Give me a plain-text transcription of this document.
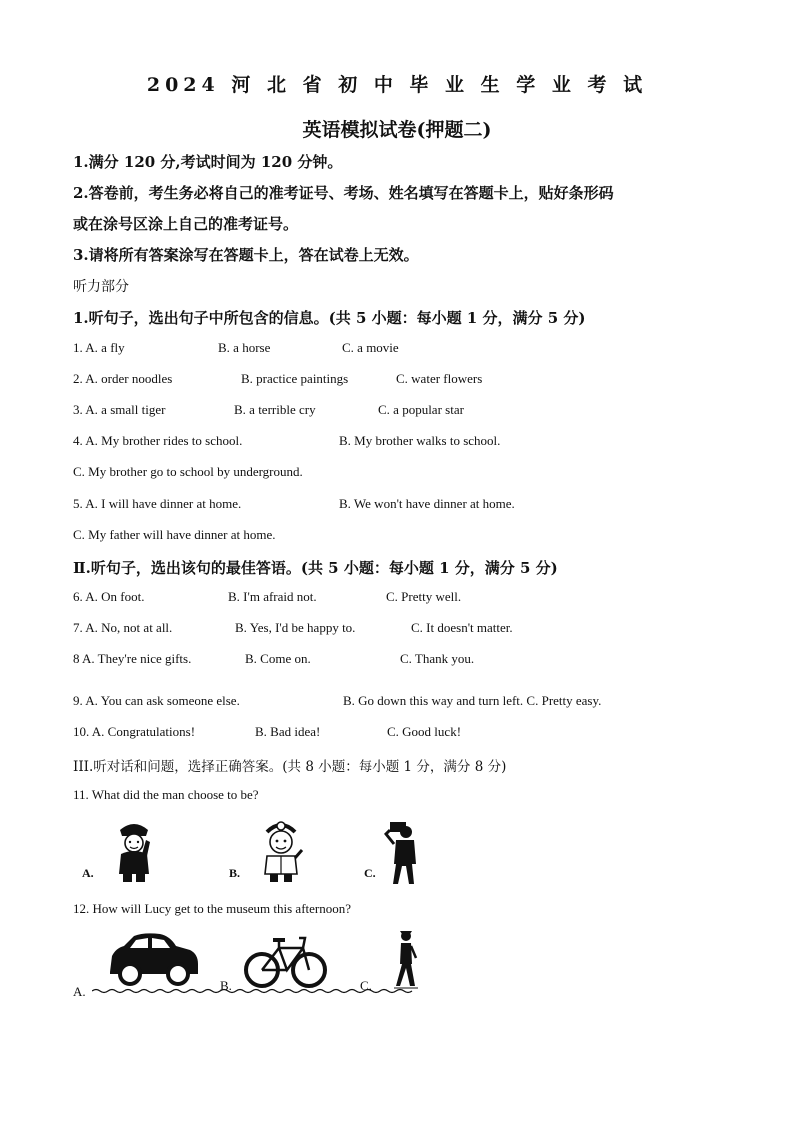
2024 河 北 省 初 中 毕 业 生 学 业 考 试
英语模拟试卷(押题二)
1.满分 120 分,考试时间为 120 分钟。
2.答卷前，考生务必将自己的准考证号、考场、姓名填写在答题卡上，贴好条形码
或在涂号区涂上自己的准考证号。
3.请将所有答案涂写在答题卡上，答在试卷上无效。
听力部分
1.听句子，选出句子中所包含的信息。(共 5 小题：每小题 1 分，满分 5 分)
1. A. a fly	B. a horse	C. a movie
2. A. order noodles	B. practice paintings	C. water flowers
3. A. a small tiger	B. a terrible cry	C. a popular star
4. A. My brother rides to school.	B. My brother walks to school.
C. My brother go to school by underground.
5. A. I will have dinner at home.	B. We won't have dinner at home.
C. My father will have dinner at home.
Ⅱ.听句子，选出该句的最佳答语。(共 5 小题：每小题 1 分，满分 5 分)
6. A. On foot.	B. I'm afraid not.	C. Pretty well.
7. A. No, not at all.	B. Yes, I'd be happy to.	C. It doesn't matter.
8 A. They're nice gifts.	B. Come on.	C. Thank you.
9. A. You can ask someone else.	B. Go down this way and turn left. C. Pretty easy.
10. A. Congratulations!	B. Bad idea!	C. Good luck!
III.听对话和问题，选择正确答案。(共 8 小题：每小题 1 分，满分 8 分)
11. What did the man choose to be?
A.	B.	C.
12. How will Lucy get to the museum this afternoon?
A.	B.	C.
